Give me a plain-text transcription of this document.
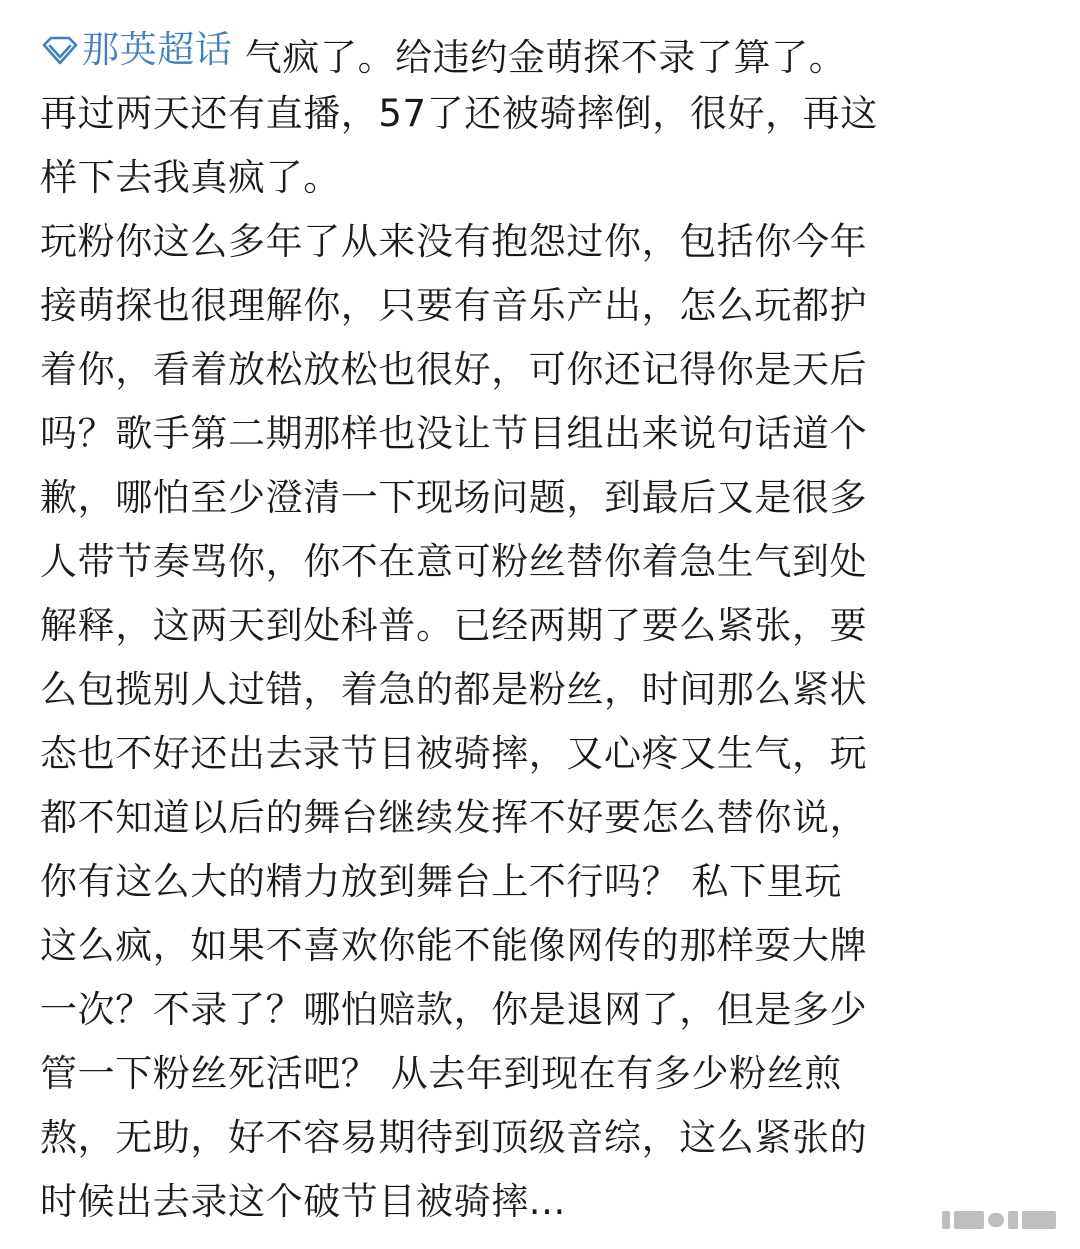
那英超话 气疯了。给违约金萌探不录了算了。
再过两天还有直播，57了还被骑摔倒，很好，再这
样下去我真疯了。
玩粉你这么多年了从来没有抱怨过你，包括你今年
接萌探也很理解你，只要有音乐产出，怎么玩都护
着你，看着放松放松也很好，可你还记得你是天后
吗？歌手第二期那样也没让节目组出来说句话道个
歉，哪怕至少澄清一下现场问题，到最后又是很多
人带节奏骂你，你不在意可粉丝替你着急生气到处
解释，这两天到处科普。已经两期了要么紧张，要
么包揽别人过错，着急的都是粉丝，时间那么紧状
态也不好还出去录节目被骑摔，又心疼又生气，玩
都不知道以后的舞台继续发挥不好要怎么替你说，
你有这么大的精力放到舞台上不行吗？ 私下里玩
这么疯，如果不喜欢你能不能像网传的那样耍大牌
一次？不录了？哪怕赔款，你是退网了，但是多少
管一下粉丝死活吧？ 从去年到现在有多少粉丝煎
熬，无助，好不容易期待到顶级音综，这么紧张的
时候出去录这个破节目被骑摔...
